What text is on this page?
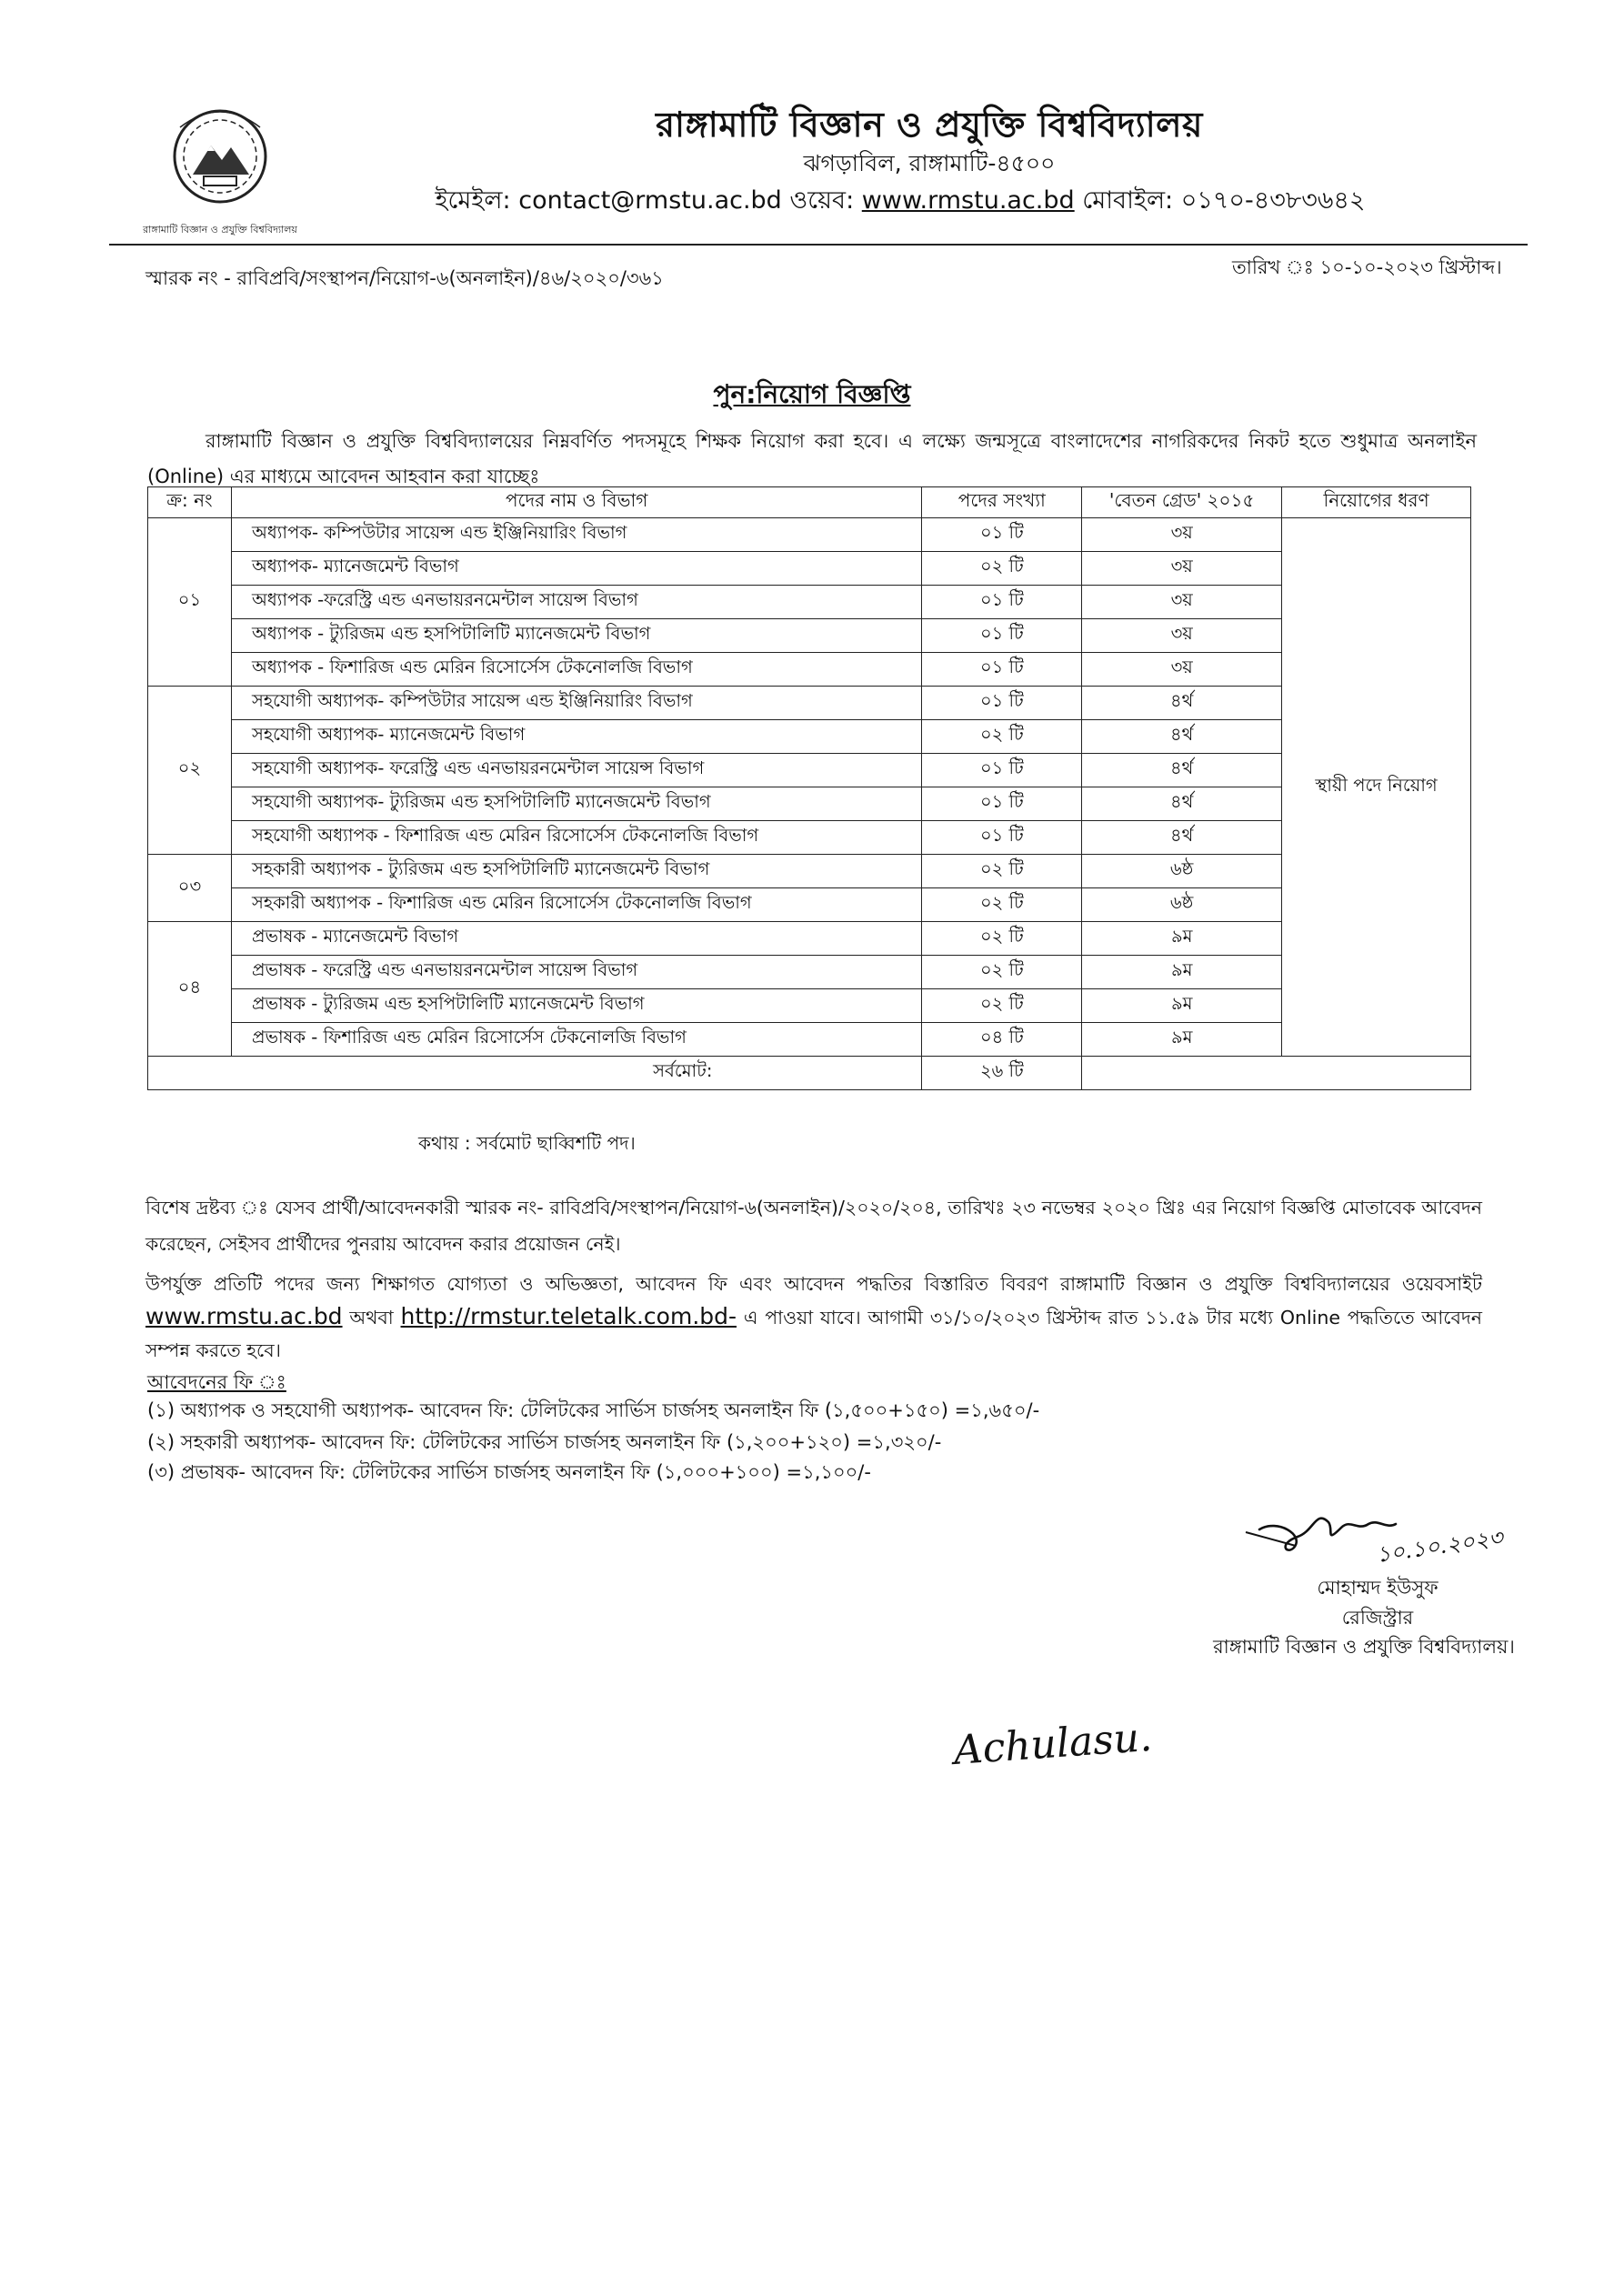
রাঙ্গামাটি বিজ্ঞান ও প্রযুক্তি বিশ্ববিদ্যালয়
রাঙ্গামাটি বিজ্ঞান ও প্রযুক্তি বিশ্ববিদ্যালয়
ঝগড়াবিল, রাঙ্গামাটি-৪৫০০
ইমেইল: contact@rmstu.ac.bd ওয়েব: www.rmstu.ac.bd মোবাইল: ০১৭০-৪৩৮৩৬৪২
স্মারক নং - রাবিপ্রবি/সংস্থাপন/নিয়োগ-৬(অনলাইন)/৪৬/২০২০/৩৬১	তারিখ ঃ ১০-১০-২০২৩ খ্রিস্টাব্দ।
পুন:নিয়োগ বিজ্ঞপ্তি
রাঙ্গামাটি বিজ্ঞান ও প্রযুক্তি বিশ্ববিদ্যালয়ের নিম্নবর্ণিত পদসমূহে শিক্ষক নিয়োগ করা হবে। এ লক্ষ্যে জন্মসূত্রে বাংলাদেশের নাগরিকদের নিকট হতে শুধুমাত্র অনলাইন (Online) এর মাধ্যমে আবেদন আহবান করা যাচ্ছেঃ
ক্র: নং	পদের নাম ও বিভাগ	পদের সংখ্যা	'বেতন গ্রেড' ২০১৫	নিয়োগের ধরণ
০১	অধ্যাপক- কম্পিউটার সায়েন্স এন্ড ইঞ্জিনিয়ারিং বিভাগ	০১ টি	৩য়	স্থায়ী পদে নিয়োগ
	অধ্যাপক- ম্যানেজমেন্ট বিভাগ	০২ টি	৩য়	
	অধ্যাপক -ফরেস্ট্রি এন্ড এনভায়রনমেন্টাল সায়েন্স বিভাগ	০১ টি	৩য়	
	অধ্যাপক - ট্যুরিজম এন্ড হসপিটালিটি ম্যানেজমেন্ট বিভাগ	০১ টি	৩য়	
	অধ্যাপক - ফিশারিজ এন্ড মেরিন রিসোর্সেস টেকনোলজি বিভাগ	০১ টি	৩য়	
০২	সহযোগী অধ্যাপক- কম্পিউটার সায়েন্স এন্ড ইঞ্জিনিয়ারিং বিভাগ	০১ টি	৪র্থ	
	সহযোগী অধ্যাপক- ম্যানেজমেন্ট বিভাগ	০২ টি	৪র্থ	
	সহযোগী অধ্যাপক- ফরেস্ট্রি এন্ড এনভায়রনমেন্টাল সায়েন্স বিভাগ	০১ টি	৪র্থ	
	সহযোগী অধ্যাপক- ট্যুরিজম এন্ড হসপিটালিটি ম্যানেজমেন্ট বিভাগ	০১ টি	৪র্থ	
	সহযোগী অধ্যাপক - ফিশারিজ এন্ড মেরিন রিসোর্সেস টেকনোলজি বিভাগ	০১ টি	৪র্থ	
০৩	সহকারী অধ্যাপক - ট্যুরিজম এন্ড হসপিটালিটি ম্যানেজমেন্ট বিভাগ	০২ টি	৬ষ্ঠ	
	সহকারী অধ্যাপক - ফিশারিজ এন্ড মেরিন রিসোর্সেস টেকনোলজি বিভাগ	০২ টি	৬ষ্ঠ	
০৪	প্রভাষক - ম্যানেজমেন্ট বিভাগ	০২ টি	৯ম	
	প্রভাষক - ফরেস্ট্রি এন্ড এনভায়রনমেন্টাল সায়েন্স বিভাগ	০২ টি	৯ম	
	প্রভাষক - ট্যুরিজম এন্ড হসপিটালিটি ম্যানেজমেন্ট বিভাগ	০২ টি	৯ম	
	প্রভাষক - ফিশারিজ এন্ড মেরিন রিসোর্সেস টেকনোলজি বিভাগ	০৪ টি	৯ম	
সর্বমোট:		২৬ টি		
কথায় : সর্বমোট ছাব্বিশটি পদ।
বিশেষ দ্রষ্টব্য ঃ যেসব প্রার্থী/আবেদনকারী স্মারক নং- রাবিপ্রবি/সংস্থাপন/নিয়োগ-৬(অনলাইন)/২০২০/২০৪, তারিখঃ ২৩ নভেম্বর ২০২০ খ্রিঃ এর নিয়োগ বিজ্ঞপ্তি মোতাবেক আবেদন করেছেন, সেইসব প্রার্থীদের পুনরায় আবেদন করার প্রয়োজন নেই।
উপর্যুক্ত প্রতিটি পদের জন্য শিক্ষাগত যোগ্যতা ও অভিজ্ঞতা, আবেদন ফি এবং আবেদন পদ্ধতির বিস্তারিত বিবরণ রাঙ্গামাটি বিজ্ঞান ও প্রযুক্তি বিশ্ববিদ্যালয়ের ওয়েবসাইট www.rmstu.ac.bd অথবা http://rmstur.teletalk.com.bd- এ পাওয়া যাবে। আগামী ৩১/১০/২০২৩ খ্রিস্টাব্দ রাত ১১.৫৯ টার মধ্যে Online পদ্ধতিতে আবেদন সম্পন্ন করতে হবে।
আবেদনের ফি ঃ
(১) অধ্যাপক ও সহযোগী অধ্যাপক- আবেদন ফি: টেলিটকের সার্ভিস চার্জসহ অনলাইন ফি (১,৫০০+১৫০) =১,৬৫০/-
(২) সহকারী অধ্যাপক- আবেদন ফি: টেলিটকের সার্ভিস চার্জসহ অনলাইন ফি (১,২০০+১২০) =১,৩২০/-
(৩) প্রভাষক- আবেদন ফি: টেলিটকের সার্ভিস চার্জসহ অনলাইন ফি (১,০০০+১০০) =১,১০০/-
১০.১০.২০২৩
মোহাম্মদ ইউসুফ
রেজিস্ট্রার
রাঙ্গামাটি বিজ্ঞান ও প্রযুক্তি বিশ্ববিদ্যালয়।
Achulasu.
